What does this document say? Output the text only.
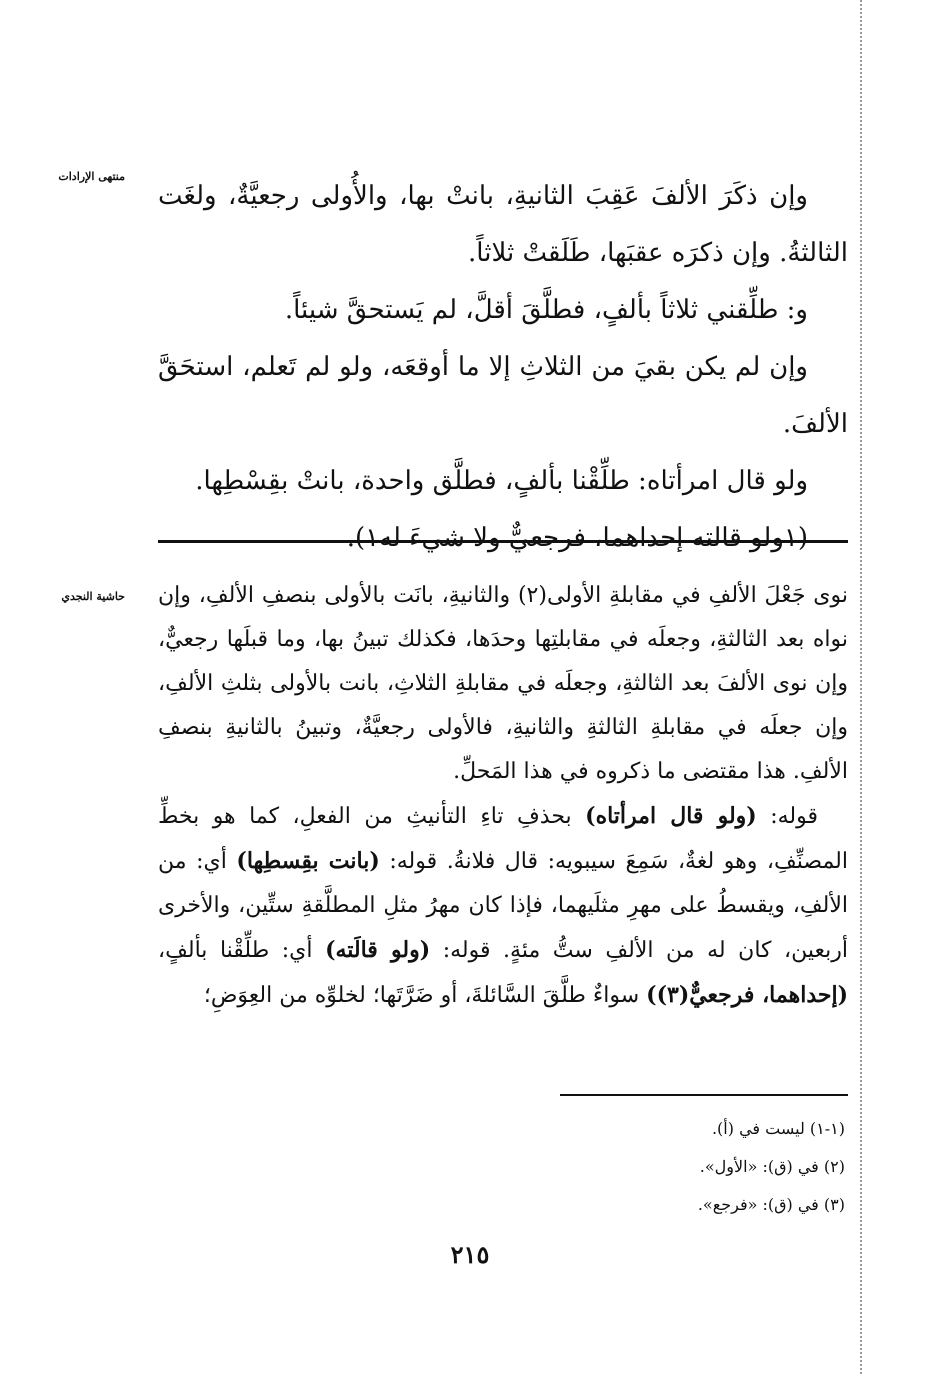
منتهى الإرادات
حاشية النجدي

وإن ذكَرَ الألفَ عَقِبَ الثانيةِ، بانتْ بها، والأُولى رجعيَّةٌ، ولغَت الثالثةُ. وإن ذكرَه عقبَها، طَلَقتْ ثلاثاً.

و: طلِّقني ثلاثاً بألفٍ، فطلَّقَ أقلَّ، لم يَستحقَّ شيئاً.

وإن لم يكن بقيَ من الثلاثِ إلا ما أوقعَه، ولو لم تَعلم، استحَقَّ الألفَ.

ولو قال امرأتاه: طلِّقْنا بألفٍ، فطلَّق واحدة، بانتْ بقِسْطِها.

(١ولو قالته إحداهما، فرجعيٌّ ولا شيءَ له١).

نوى جَعْلَ الألفِ في مقابلةِ الأولى(٢) والثانيةِ، بانَت بالأولى بنصفِ الألفِ، وإن نواه بعد الثالثةِ، وجعلَه في مقابلتِها وحدَها، فكذلك تبينُ بها، وما قبلَها رجعيٌّ، وإن نوى الألفَ بعد الثالثةِ، وجعلَه في مقابلةِ الثلاثِ، بانت بالأولى بثلثِ الألفِ، وإن جعلَه في مقابلةِ الثالثةِ والثانيةِ، فالأولى رجعيَّةٌ، وتبينُ بالثانيةِ بنصفِ الألفِ. هذا مقتضى ما ذكروه في هذا المَحلِّ.

قوله: (ولو قال امرأتاه) بحذفِ تاءِ التأنيثِ من الفعلِ، كما هو بخطِّ المصنِّفِ، وهو لغةٌ، سَمِعَ سيبويه: قال فلانةُ. قوله: (بانت بقِسطِها) أي: من الألفِ، ويقسطُ على مهرِ مثلَيهما، فإذا كان مهرُ مثلِ المطلَّقةِ ستِّين، والأخرى أربعين، كان له من الألفِ ستُّ مئةٍ. قوله: (ولو قالَته) أي: طلِّقْنا بألفٍ، (إحداهما، فرجعيٌّ(٣)) سواءٌ طلَّقَ السَّائلةَ، أو ضَرَّتَها؛ لخلوِّه من العِوَضِ؛

(١-١) ليست في (أ).
(٢) في (ق): «الأول».
(٣) في (ق): «فرجع».
٢١٥
